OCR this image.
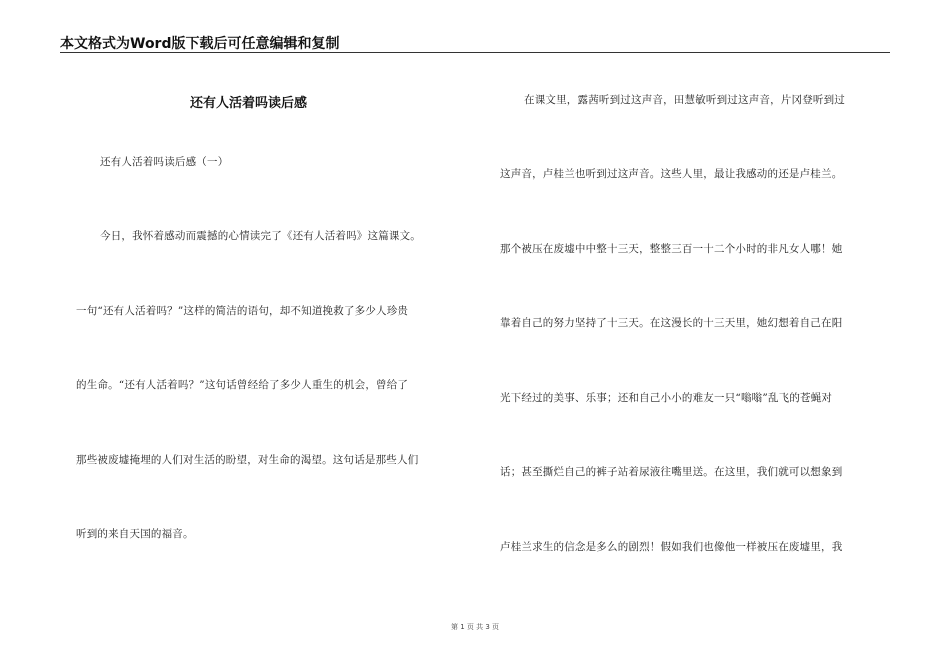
本文格式为Word版下载后可任意编辑和复制
还有人活着吗读后感
还有人活着吗读后感（一）
今日，我怀着感动而震撼的心情读完了《还有人活着吗》这篇课文。
一句“还有人活着吗？”这样的简洁的语句，却不知道挽救了多少人珍贵
的生命。“还有人活着吗？”这句话曾经给了多少人重生的机会，曾给了
那些被废墟掩埋的人们对生活的盼望，对生命的渴望。这句话是那些人们
听到的来自天国的福音。
在课文里，露茜听到过这声音，田慧敏听到过这声音，片冈登听到过
这声音，卢桂兰也听到过这声音。这些人里，最让我感动的还是卢桂兰。
那个被压在废墟中中整十三天，整整三百一十二个小时的非凡女人哪！她
靠着自己的努力坚持了十三天。在这漫长的十三天里，她幻想着自己在阳
光下经过的美事、乐事；还和自己小小的难友一只“嗡嗡”乱飞的苍蝇对
话；甚至撕烂自己的裤子站着尿液往嘴里送。在这里，我们就可以想象到
卢桂兰求生的信念是多么的剧烈！假如我们也像他一样被压在废墟里，我
第 1 页 共 3 页
